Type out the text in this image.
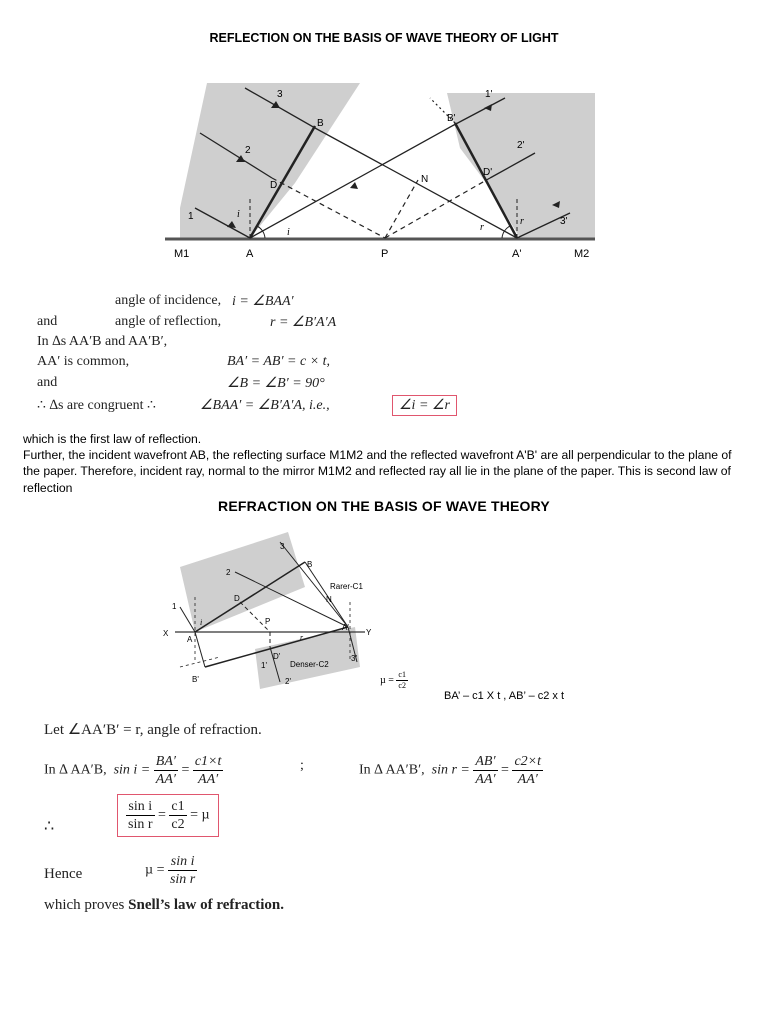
REFLECTION ON THE BASIS OF WAVE THEORY OF LIGHT
M1	A	P	A'	M2
B
D
N
B'
D'
1
2
3	1'
2'
3'
i
i
r
r
angle of incidence, i = ∠BAA′
and	angle of reflection,	r = ∠B′A′A
In ∆s AA′B and AA′B′,
AA′ is common,	BA′ = AB′ = c × t,
and	∠B = ∠B′ = 90°
∴ ∆s are congruent ∴	∠BAA′ = ∠B′A′A, i.e.,	∠i = ∠r
which is the first law of reflection.
Further, the incident wavefront AB, the reflecting surface M1M2 and the reflected wavefront A'B' are all perpendicular to the plane of the paper. Therefore, incident ray, normal to the mirror M1M2 and reflected ray all lie in the plane of the paper. This is second law of reflection
REFRACTION ON THE BASIS OF WAVE THEORY
X
A
Y
A'
B
D
P
N
D'
B'
Rarer-C1
Denser-C2
1
2
3
1'
2'
3'
i
r
$\mu = \frac{c1}{c2}$
BA’ – c1 X t , AB’ – c2 x t
Let ∠AA′B′ = r, angle of refraction.
In ∆ AA′B, $\sin i = \frac{BA'}{AA'} = \frac{c1\times t}{AA'}$	;	In ∆ AA′B′, $\sin r = \frac{AB'}{AA'} = \frac{c2\times t}{AA'}$
∴	$\frac{\text{sin i}}{\text{sin r}} = \frac{c1}{c2} = \mu$
Hence	$\mu = \frac{\text{sin i}}{\text{sin r}}$
which proves Snell’s law of refraction.
